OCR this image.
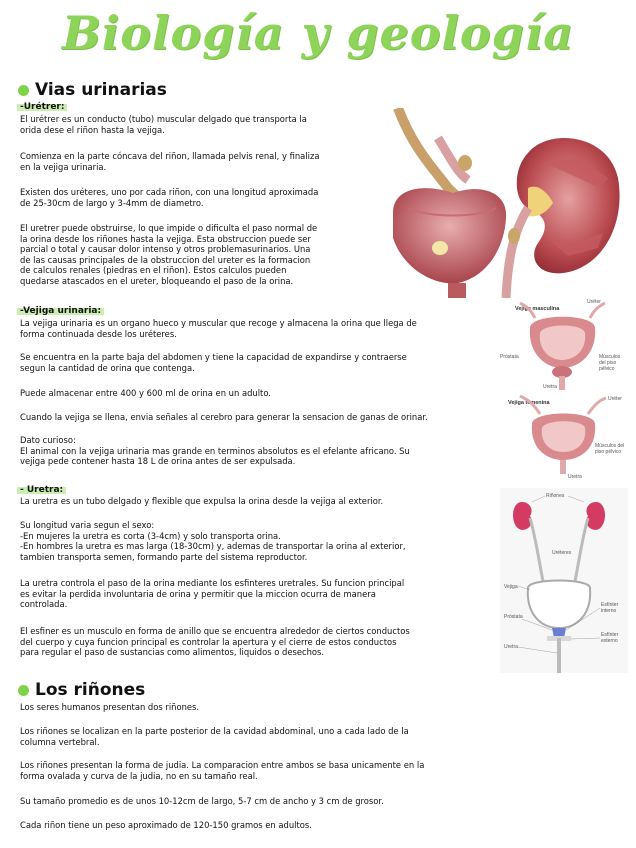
Biología y geología
Vias urinarias
-Urétrer:
El urétrer es un conducto (tubo) muscular delgado que transporta la
orida dese el riñon hasta la vejiga.
Comienza en la parte cóncava del riñon, llamada pelvis renal, y finaliza
en la vejiga urinaria.
Existen dos uréteres, uno por cada riñon, con una longitud aproximada
de 25-30cm de largo y 3-4mm de diametro.
El uretrer puede obstruirse, lo que impide o dificulta el paso normal de
la orina desde los riñones hasta la vejiga. Esta obstruccion puede ser
parcial o total y causar dolor intenso y otros problemasurinarios. Una
de las causas principales de la obstruccion del ureter es la formacion
de calculos renales (piedras en el riñon). Estos calculos pueden
quedarse atascados en el ureter, bloqueando el paso de la orina.
-Vejiga urinaria:
La vejiga urinaria es un organo hueco y muscular que recoge y almacena la orina que llega de
forma continuada desde los uréteres.
Se encuentra en la parte baja del abdomen y tiene la capacidad de expandirse y contraerse
segun la cantidad de orina que contenga.
Puede almacenar entre 400 y 600 ml de orina en un adulto.
Cuando la vejiga se llena, envia señales al cerebro para generar la sensacion de ganas de orinar.
Dato curioso:
El animal con la vejiga urinaria mas grande en terminos absolutos es el efelante africano. Su
vejiga pede contener hasta 18 L de orina antes de ser expulsada.
Uréter
Vejiga masculina
Próstata	Músculos del piso pélvico
Uretra
Uréter
Vejiga femenina
Músculos del piso pélvico
Uretra
- Uretra:
La uretra es un tubo delgado y flexible que expulsa la orina desde la vejiga al exterior.
Su longitud varia segun el sexo:
-En mujeres la uretra es corta (3-4cm) y solo transporta orina.
-En hombres la uretra es mas larga (18-30cm) y, ademas de transportar la orina al exterior,
tambien transporta semen, formando parte del sistema reproductor.
La uretra controla el paso de la orina mediante los esfinteres uretrales. Su funcion principal
es evitar la perdida involuntaria de orina y permitir que la miccion ocurra de manera
controlada.
El esfiner es un musculo en forma de anillo que se encuentra alrededor de ciertos conductos
del cuerpo y cuya funcion principal es controlar la apertura y el cierre de estos conductos
para regular el paso de sustancias como alimentos, liquidos o desechos.
Riñones
Uréteres
Vejiga
Próstata
Esfínter interno
Esfínter externo
Uretra
Los riñones
Los seres humanos presentan dos riñones.
Los riñones se localizan en la parte posterior de la cavidad abdominal, uno a cada lado de la
columna vertebral.
Los riñones presentan la forma de judia. La comparacion entre ambos se basa unicamente en la
forma ovalada y curva de la judia, no en su tamaño real.
Su tamaño promedio es de unos 10-12cm de largo, 5-7 cm de ancho y 3 cm de grosor.
Cada riñon tiene un peso aproximado de 120-150 gramos en adultos.
